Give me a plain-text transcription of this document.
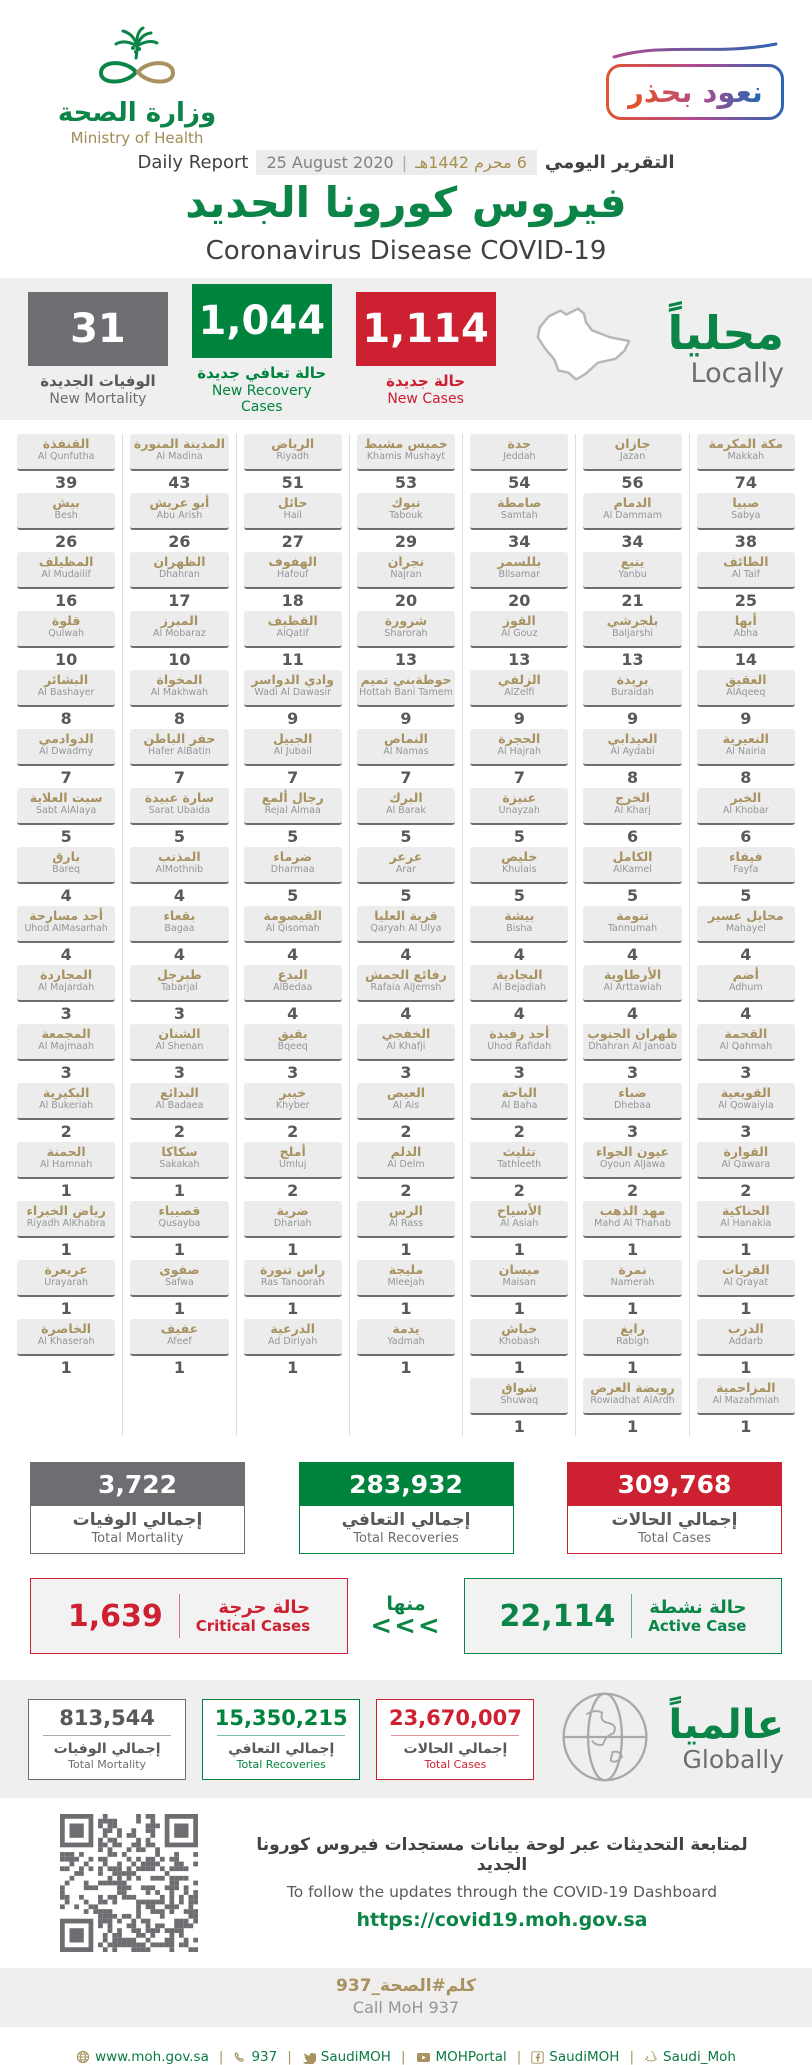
وزارة الصحة
Ministry of Health
نعود بحذر
Daily Report 25 August 2020 | 6 محرم 1442هـ التقرير اليومي
فيروس كورونا الجديد
Coronavirus Disease COVID-19
31
الوفيات الجديدة
New Mortality
1,044
حالة تعافي جديدة
New Recovery Cases
1,114
حالة جديدة
New Cases
محلياً
Locally
القنفذة
Al Qunfutha
39
بيش
Besh
26
المظيلف
Al Mudailif
16
قلوة
Qulwah
10
البشائر
Al Bashayer
8
الدوادمي
Al Dwadmy
7
سبت العلاية
Sabt AlAlaya
5
بارق
Bareq
4
أحد مسارحة
Uhod AlMasarhah
4
المجاردة
Al Majardah
3
المجمعة
Al Majmaah
3
البكيرية
Al Bukeriah
2
الحمنة
Al Hamnah
1
رياض الخبراء
Riyadh AlKhabra
1
عريعرة
Urayarah
1
الخاصرة
Al Khaserah
1
المدينة المنورة
Al Madina
43
أبو عريش
Abu Arish
26
الظهران
Dhahran
17
المبرز
Al Mobaraz
10
المخواة
Al Makhwah
8
حفر الباطن
Hafer AlBatin
7
سارة عبيدة
Sarat Ubaida
5
المذنب
AlMothnib
4
بقعاء
Bagaa
4
طبرجل
Tabarjal
3
الشنان
Al Shenan
3
البدائع
Al Badaea
2
سكاكا
Sakakah
1
قصيباء
Qusayba
1
صفوى
Safwa
1
عفيف
Afeef
1
الرياض
Riyadh
51
حائل
Hail
27
الهفوف
Hafouf
18
القطيف
AlQatif
11
وادي الدواسر
Wadi Al Dawasir
9
الجبيل
Al Jubail
7
رجال ألمع
Rejal Almaa
5
ضرماء
Dharmaa
5
القيصومة
Al Qisomah
4
البدع
AlBedaa
4
بقيق
Bqeeq
3
خيبر
Khyber
2
أملج
Umluj
2
ضرية
Dhariah
1
راس تنورة
Ras Tanoorah
1
الدرعية
Ad Diriyah
1
خميس مشيط
Khamis Mushayt
53
تبوك
Tabouk
29
نجران
Najran
20
شرورة
Sharorah
13
حوطةبني تميم
Hottah Bani Tamem
9
النماص
Al Namas
7
البرك
Al Barak
5
عرعر
Arar
5
قرية العليا
Qaryah Al Ulya
4
رفائع الجمش
Rafaia AlJemsh
4
الخفجي
Al Khafji
3
العيص
Al Ais
2
الدلم
Al Delm
2
الرس
Al Rass
1
مليجة
Mleejah
1
يدمة
Yadmah
1
جدة
Jeddah
54
صامطة
Samtah
34
بللسمر
Bllsamar
20
القوز
Al Gouz
13
الزلفي
AlZelfi
9
الحجرة
Al Hajrah
7
عنيزة
Unayzah
5
خليص
Khulais
5
بيشة
Bisha
4
البجادية
Al Bejadiah
4
أحد رفيدة
Uhod Rafidah
3
الباحة
Al Baha
2
تثليث
Tathleeth
2
الأسياح
Al Asiah
1
ميسان
Maisan
1
خباش
Khobash
1
شواق
Shuwaq
1
جازان
Jazan
56
الدمام
Al Dammam
34
ينبع
Yanbu
21
بلجرشي
Baljarshi
13
بريدة
Buraidah
9
العيدابي
Al Aydabi
8
الخرج
Al Kharj
6
الكامل
AlKamel
5
تنومة
Tannumah
4
الأرطاوية
Al Arttawiah
4
ظهران الجنوب
Dhahran Al Janoab
3
ضباء
Dhebaa
3
عيون الجواء
Oyoun AlJawa
2
مهد الذهب
Mahd Al Thahab
1
نمرة
Namerah
1
رابغ
Rabigh
1
رويضة العرض
Rowiadhat AlArdh
1
مكة المكرمة
Makkah
74
صبيا
Sabya
38
الطائف
Al Taif
25
أبها
Abha
14
العقيق
AlAqeeq
9
النعيرية
Al Nairia
8
الخبر
Al Khobar
6
فيفاء
Fayfa
5
محايل عسير
Mahayel
4
أضم
Adhum
4
القحمة
Al Qahmah
3
القويعية
Al Qowaiyia
3
القوارة
Al Qawara
2
الحناكية
Al Hanakia
1
القريات
Al Qrayat
1
الدرب
Addarb
1
المزاحمية
Al Mazahmiah
1
3,722
إجمالي الوفيات
Total Mortality
283,932
إجمالي التعافي
Total Recoveries
309,768
إجمالي الحالات
Total Cases
1,639	حالة حرجة
Critical Cases
منها
<<< 22,114 حالة نشطة
Active Case
813,544
إجمالي الوفيات
Total Mortality
15,350,215
إجمالي التعافي
Total Recoveries
23,670,007
إجمالي الحالات
Total Cases
عالمياً
Globally
لمتابعة التحديثات عبر لوحة بيانات مستجدات فيروس كورونا الجديد
To follow the updates through the COVID-19 Dashboard
https://covid19.moh.gov.sa
كلم#الصحة_937
Call MoH 937
www.moh.gov.sa | 937 | SaudiMOH | MOHPortal | SaudiMOH | Saudi_Moh
